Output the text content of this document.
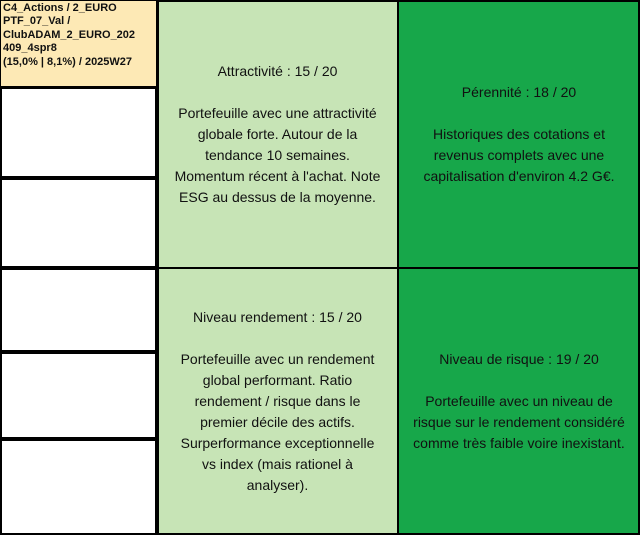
C4_Actions / 2_EURO
PTF_07_Val /
ClubADAM_2_EURO_202
409_4spr8
(15,0% | 8,1%) / 2025W27
Attractivité : 15 / 20
Portefeuille avec une attractivité globale forte. Autour de la tendance 10 semaines. Momentum récent à l'achat. Note ESG au dessus de la moyenne.
Pérennité : 18 / 20
Historiques des cotations et revenus complets avec une capitalisation d'environ 4.2 G€.
Niveau rendement : 15 / 20
Portefeuille avec un rendement global performant. Ratio rendement / risque dans le premier décile des actifs. Surperformance exceptionnelle vs index (mais rationel à analyser).
Niveau de risque : 19 / 20
Portefeuille avec un niveau de risque sur le rendement considéré comme très faible voire inexistant.
